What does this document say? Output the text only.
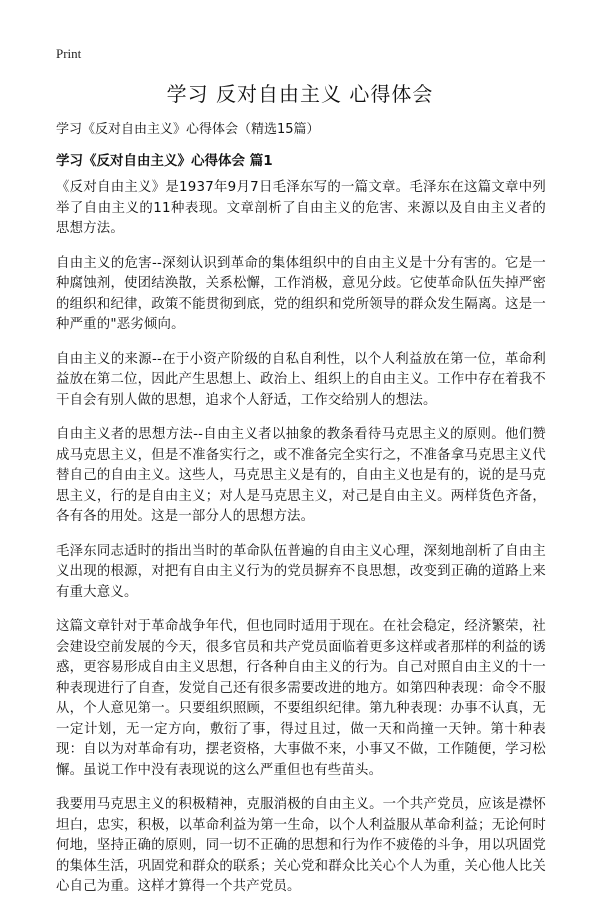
Print
学习 反对自由主义 心得体会
学习《反对自由主义》心得体会（精选15篇）
学习《反对自由主义》心得体会 篇1

《反对自由主义》是1937年9月7日毛泽东写的一篇文章。毛泽东在这篇文章中列举了自由主义的11种表现。文章剖析了自由主义的危害、来源以及自由主义者的思想方法。

自由主义的危害--深刻认识到革命的集体组织中的自由主义是十分有害的。它是一种腐蚀剂，使团结涣散，关系松懈，工作消极，意见分歧。它使革命队伍失掉严密的组织和纪律，政策不能贯彻到底，党的组织和党所领导的群众发生隔离。这是一种严重的"恶劣倾向。

自由主义的来源--在于小资产阶级的自私自利性，以个人利益放在第一位，革命利益放在第二位，因此产生思想上、政治上、组织上的自由主义。工作中存在着我不干自会有别人做的思想，追求个人舒适，工作交给别人的想法。

自由主义者的思想方法--自由主义者以抽象的教条看待马克思主义的原则。他们赞成马克思主义，但是不准备实行之，或不准备完全实行之，不准备拿马克思主义代替自己的自由主义。这些人，马克思主义是有的，自由主义也是有的，说的是马克思主义，行的是自由主义；对人是马克思主义，对己是自由主义。两样货色齐备，各有各的用处。这是一部分人的思想方法。

毛泽东同志适时的指出当时的革命队伍普遍的自由主义心理，深刻地剖析了自由主义出现的根源，对把有自由主义行为的党员摒弃不良思想，改变到正确的道路上来有重大意义。

这篇文章针对于革命战争年代，但也同时适用于现在。在社会稳定，经济繁荣，社会建设空前发展的今天，很多官员和共产党员面临着更多这样或者那样的利益的诱惑，更容易形成自由主义思想，行各种自由主义的行为。自己对照自由主义的十一种表现进行了自查，发觉自己还有很多需要改进的地方。如第四种表现：命令不服从，个人意见第一。只要组织照顾，不要组织纪律。第九种表现：办事不认真，无一定计划，无一定方向，敷衍了事，得过且过，做一天和尚撞一天钟。第十种表现：自以为对革命有功，摆老资格，大事做不来，小事又不做，工作随便，学习松懈。虽说工作中没有表现说的这么严重但也有些苗头。

我要用马克思主义的积极精神，克服消极的自由主义。一个共产党员，应该是襟怀坦白，忠实，积极，以革命利益为第一生命，以个人利益服从革命利益；无论何时何地，坚持正确的原则，同一切不正确的思想和行为作不疲倦的斗争，用以巩固党的集体生活，巩固党和群众的联系；关心党和群众比关心个人为重，关心他人比关心自己为重。这样才算得一个共产党员。
